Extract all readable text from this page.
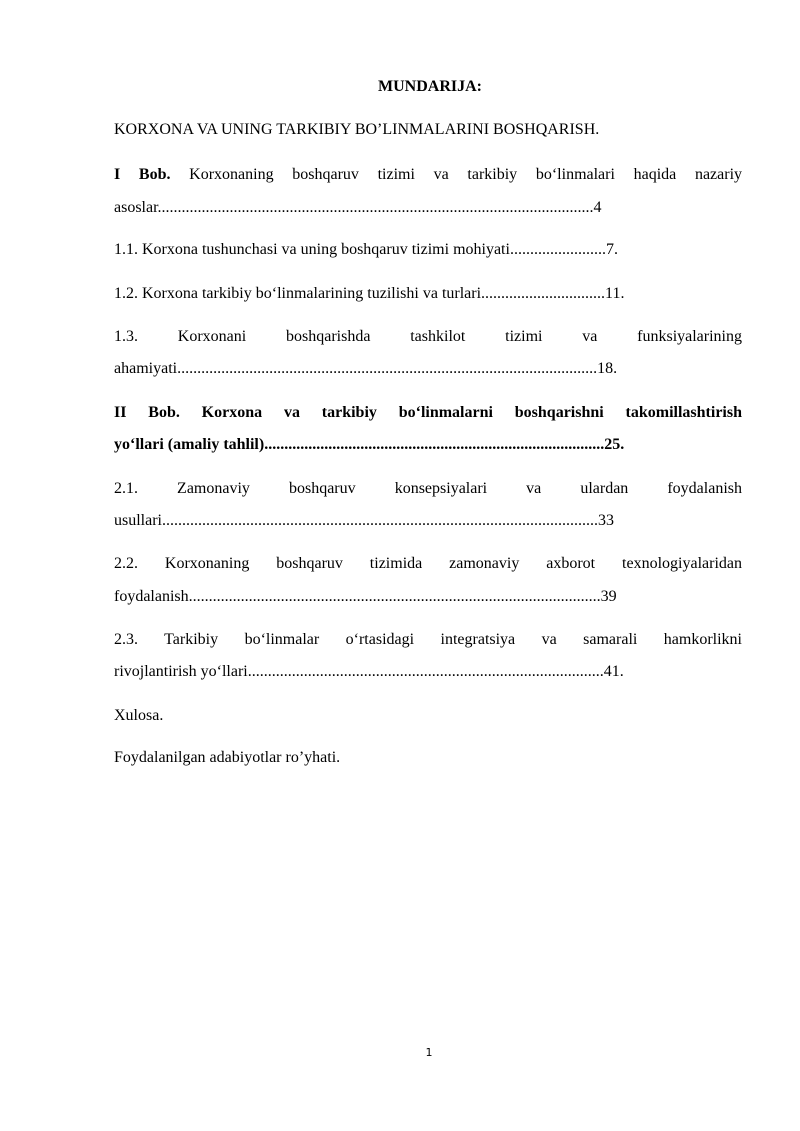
MUNDARIJA:
KORXONA VA UNING TARKIBIY BO’LINMALARINI BOSHQARISH.
I Bob. Korxonaning boshqaruv tizimi va tarkibiy bo‘linmalari haqida nazariy
asoslar.............................................................................................................4
1.1. Korxona tushunchasi va uning boshqaruv tizimi mohiyati........................7.
1.2. Korxona tarkibiy bo‘linmalarining tuzilishi va turlari...............................11.
1.3. Korxonani boshqarishda tashkilot tizimi va funksiyalarining
ahamiyati.........................................................................................................18.
II Bob. Korxona va tarkibiy bo‘linmalarni boshqarishni takomillashtirish
yo‘llari (amaliy tahlil).....................................................................................25.
2.1. Zamonaviy boshqaruv konsepsiyalari va ulardan foydalanish
usullari.............................................................................................................33
2.2. Korxonaning boshqaruv tizimida zamonaviy axborot texnologiyalaridan
foydalanish.......................................................................................................39
2.3. Tarkibiy bo‘linmalar o‘rtasidagi integratsiya va samarali hamkorlikni
rivojlantirish yo‘llari.........................................................................................41.
Xulosa.
Foydalanilgan adabiyotlar ro’yhati.
1
